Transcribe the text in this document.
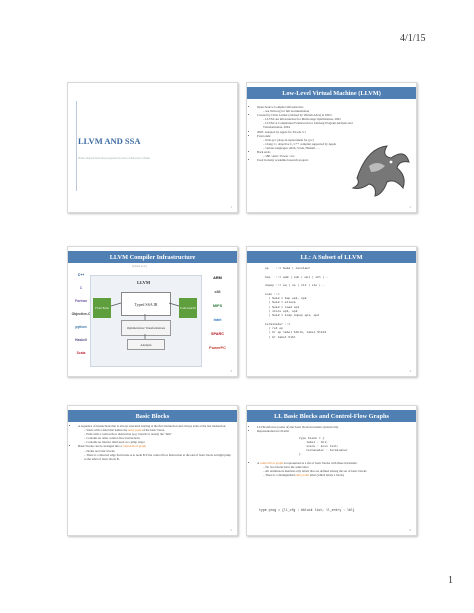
4/1/15
LLVM AND SSA
Slides adapted from those prepared by Steve Zdancewic at Penn
1
Low-Level Virtual Machine (LLVM)
• Open-Source Compiler Infrastructure
– see llvm.org for full documentation
• Created by Chris Lattner (advised by Vikram Adve) at UIUC
– LLVM: An infrastructure for Multi-stage Optimization, 2002
– LLVM: A Compilation Framework for Lifelong Program Analysis and Transformation, 2004
• 2005: Adopted by Apple for XCode 3.1
• Front ends:
– llvm-gcc (drop-in replacement for gcc)
– Clang: C, objective C, C++ compiler supported by Apple
– various languages: ADA, Scala, Haskell, …
• Back ends:
– x86 / Arm / Power / etc.
• Used in many academic/research projects
2
LLVM Compiler Infrastructure
[Lattner et al.]
C++
C
Fortran
Objective-C
python
Haskell
Scala
ARM
x86
MIPS
intel
SPARC
PowerPC
LLVM
Front Ends
Typed SSA IR
Code Gen/Jit
Optimizations/ Transformations
Analysis
3
LL: A Subset of LLVM
op    ::= %uid | constant

bop   ::= add | sub | mul | shl | …

cmpop ::= eq | ne | slt | sle | …

insn ::=
| %uid = bop op1, op2
| %uid = alloca
| %uid = load op1
| store op1, op2
| %uid = icmp cmpop op1, op2

terminator ::=
| ret op
| br op label %lbl1, label %lbl2
| br label %lbl
4
Basic Blocks
• A sequence of instructions that is always executed starting at the first instruction and always exits at the last instruction.
– Starts with a label that names the entry point of the basic block.
– Ends with a control-flow instruction (e.g. branch or return) the "link"
– Contains no other control-flow instructions
– Contains no interior label used as a jump target
• Basic blocks can be arranged into a control-flow graph
– Nodes are basic blocks
– There is a directed edge from node A to node B if the control flow instruction at the end of basic block A might jump to the label of basic block B.
5
LL Basic Blocks and Control-Flow Graphs
• LLVM enforces (some of) the basic block invariants syntactically.
• Representation in OCaml:
type block = {
label : lbl;
insns : insn list;
terminator : terminator
}
• A control flow graph is represented as a list of basic blocks with these invariants:
– No two blocks have the same label
– All terminators mention only labels that are defined among the set of basic blocks
– There is a distinguished entry point label (which labels a block)
type prog = {ll_cfg : bblock list; ll_entry : lbl}
6
1
